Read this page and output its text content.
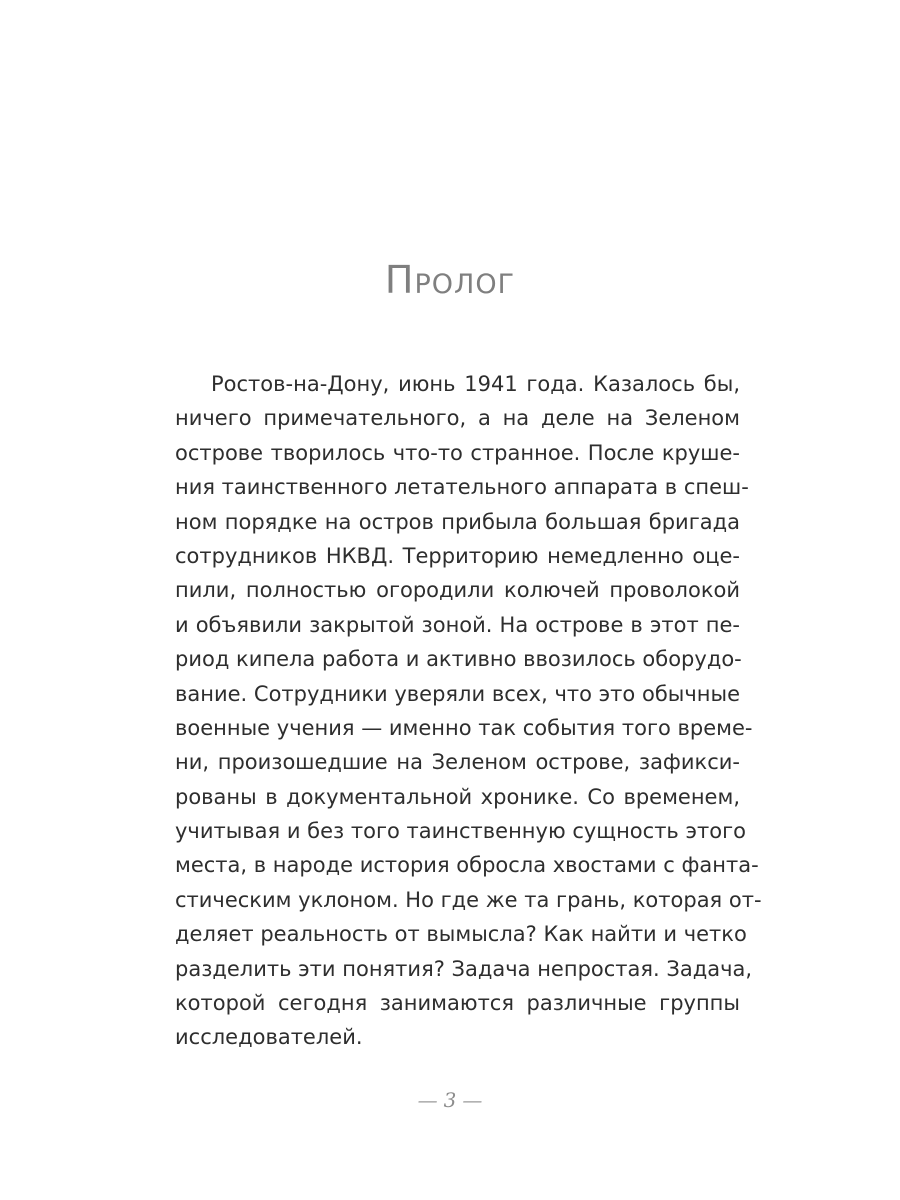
Пролог
Ростов-на-Дону, июнь 1941 года. Казалось бы,
ничего примечательного, а на деле на Зеленом
острове творилось что-то странное. После круше-
ния таинственного летательного аппарата в спеш-
ном порядке на остров прибыла большая бригада
сотрудников НКВД. Территорию немедленно оце-
пили, полностью огородили колючей проволокой
и объявили закрытой зоной. На острове в этот пе-
риод кипела работа и активно ввозилось оборудо-
вание. Сотрудники уверяли всех, что это обычные
военные учения — именно так события того време-
ни, произошедшие на Зеленом острове, зафикси-
рованы в документальной хронике. Со временем,
учитывая и без того таинственную сущность этого
места, в народе история обросла хвостами с фанта-
стическим уклоном. Но где же та грань, которая от-
деляет реальность от вымысла? Как найти и четко
разделить эти понятия? Задача непростая. Задача,
которой сегодня занимаются различные группы
исследователей.
— 3 —
